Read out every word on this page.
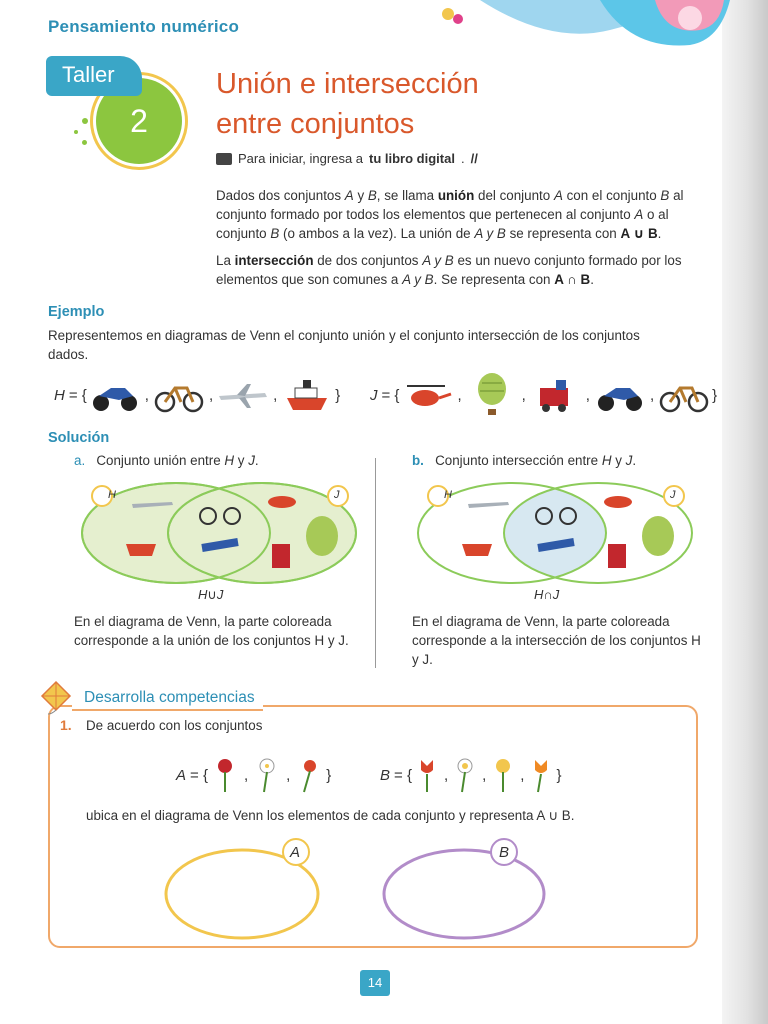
Pensamiento numérico
2
Taller	Unión e intersección
entre conjuntos
Para iniciar, ingresa a tu libro digital . //
Dados dos conjuntos A y B, se llama unión del conjunto A con el conjunto B al conjunto formado por todos los elementos que pertenecen al conjunto A o al conjunto B (o ambos a la vez). La unión de A y B se representa con A ∪ B.
La intersección de dos conjuntos A y B es un nuevo conjunto formado por los elementos que son comunes a A y B. Se representa con A ∩ B.
Ejemplo
Representemos en diagramas de Venn el conjunto unión y el conjunto intersección de los conjuntos dados.
H = {	,	,	,	} J = {	,	,	,	,	}
Solución
a. Conjunto unión entre H y J.	b. Conjunto intersección entre H y J.
H∪J
H	J
H∩J
H	J
En el diagrama de Venn, la parte coloreada corresponde a la unión de los conjuntos H y J.
En el diagrama de Venn, la parte coloreada corresponde a la intersección de los conjuntos H y J.
Desarrolla competencias
1. De acuerdo con los conjuntos
A = { ,	, }	B = { , , , }
ubica en el diagrama de Venn los elementos de cada conjunto y representa A ∪ B.
A	B
14
